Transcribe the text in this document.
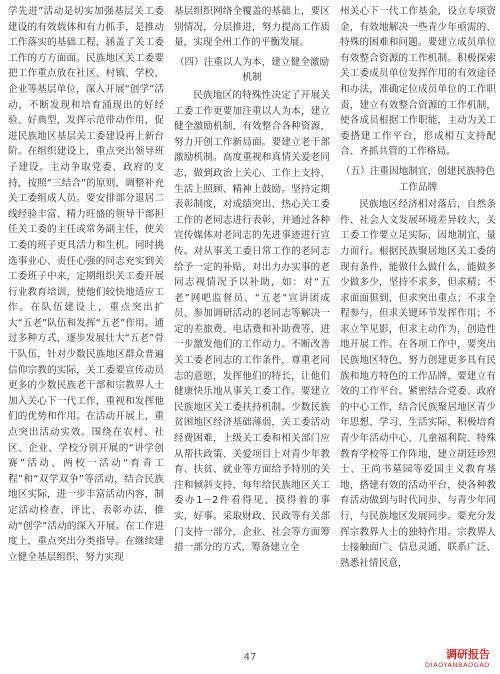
学先进”活动是切实加强基层关工委建设的有效载体和有力抓手，是推动工作落实的基础工程，涵盖了关工委工作的方方面面。民族地区关工委要把工作重点放在社区、村镇、学校、企业等基层单位，深入开展“创学”活动，不断发现和培育涌现出的好经验、好典型，发挥示范带动作用，促进民族地区基层关工委建设再上新台阶。在组织建设上，重点突出领导班子建设。主动争取党委、政府的支持，按照“三结合”的原则，调整补充关工委组成人员。要安排部分退居二线经验丰富、精力旺盛的领导干部担任关工委的主任或常务副主任，使关工委的班子更具活力和生机。同时挑选事业心、责任心强的同志充实到关工委班子中来，定期组织关工委开展行业教育培训，使他们较快地适应工作。在队伍建设上，重点突出扩大“五老”队伍和发挥“五老”作用。通过多种方式，逐步发展壮大“五老”骨干队伍，针对少数民族地区群众普遍信仰宗教的实际，关工委要宣传动员更多的少数民族老干部和宗教界人士加入关心下一代工作，重视和发挥他们的优势和作用。在活动开展上，重点突出活动实效。围绕在农村、社区、企业、学校分别开展的“讲学创赛”活动、两校一活动“育青工程”和“双学双争”等活动，结合民族地区实际，进一步丰富活动内容，制定活动检查、评比、表彰办法，推动“创学”活动的深入开展。在工作进度上，重点突出分类指导。在继续建立健全基层组织、努力实现

基层组织网络全覆盖的基础上，要区别情况，分层推进，努力提高工作质量，实现全州工作的平衡发展。

（四）注重以人为本，建立健全激励机制

民族地区的特殊性决定了开展关工委工作更要加注重以人为本，建立健全激励机制，有效整合各种资源，努力开创工作新局面。要建立老干部激励机制。高度重视和真情关爱老同志，做到政治上关心、工作上支持、生活上照顾、精神上鼓励。坚持定期表彰制度，对成绩突出、热心关工委工作的老同志进行表彰，并通过各种宣传媒体对老同志的先进事迹进行宣传。对从事关工委日常工作的老同志给予一定的补贴，对出力办实事的老同志视情况予以补助，如：对“五老”网吧监督员、“五老”宣讲团成员、参加调研活动的老同志等解决一定的差旅费、电话费和补助费等，进一步激发他们的工作动力。不断改善关工委老同志的工作条件，尊重老同志的意愿，发挥他们的特长，让他们健康快乐地从事关工委工作。要建立民族地区关工委扶持机制。少数民族贫困地区经济基础薄弱，关工委活动经费困难，上级关工委和相关部门应从帮扶政策、关爱项目上对青少年教育、扶贫、就业等方面给予特别的关注和倾斜支持，每年给民族地区关工委办1－2件看得见、摸得着的事实，好事。采取财政、民政等有关部门支持一部分，企业、社会等方面筹措一部分的方式，筹备建立全

州关心下一代工作基金，设立专项资金，有效地解决一些青少年亟需的、特殊的困难和问题。要建立成员单位有效整合资源的工作机制。积极探索关工委成员单位发挥作用的有效途径和办法，准确定位成员单位的工作职责，建立有效整合资源的工作机制，使各成员根据工作职能，主动为关工委搭建工作平台，形成相互支持配合、齐抓共管的工作格局。

（五）注重因地制宜，创建民族特色工作品牌

民族地区经济相对落后，自然条件、社会人文发展环境差异较大，关工委工作要立足实际，因地制宜，量力而行。根据民族聚居地区关工委的现有条件，能做什么做什么，能做多少做多少，坚持不求多，但求精；不求面面俱到，但求突出重点；不求全程参与，但求关键环节发挥作用；不求立竿见影，但求主动作为，创造性地开展工作。在各项工作中，要突出民族地区特色，努力创建更多具有民族和地方特色的工作品牌，要建立有效的工作平台。紧密结合党委、政府的中心工作，结合民族聚居地区青少年思想、学习、生活实际，积极培育青少年活动中心、儿童福利院、特殊教育学校等工作阵地，建立胡廷珍烈士、王尚书墓园等爱国主义教育基地，搭建有效的活动平台，使各种教育活动做到与时代同步、与青少年同行，与民族地区发展同步。要充分发挥宗教界人士的独特作用。宗教界人士接触面广、信息灵通、联系广泛、熟悉社情民意，

47	调研报告
DIAOYANBAOGAO
